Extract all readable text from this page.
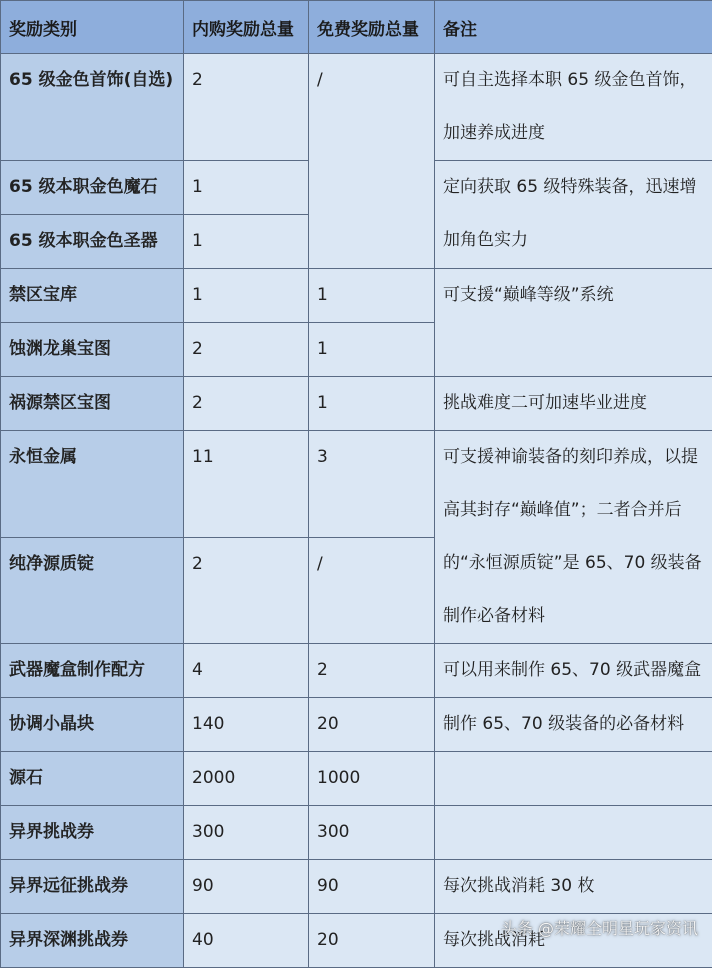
奖励类别	内购奖励总量	免费奖励总量	备注
65 级金色首饰(自选)	2	/	可自主选择本职 65 级金色首饰，加速养成进度
65 级本职金色魔石	1		定向获取 65 级特殊装备，迅速增加角色实力
65 级本职金色圣器	1		
禁区宝库	1	1	可支援“巅峰等级”系统
蚀渊龙巢宝图	2	1	
祸源禁区宝图	2	1	挑战难度二可加速毕业进度
永恒金属	11	3	可支援神谕装备的刻印养成，以提高其封存“巅峰值”；二者合并后的“永恒源质锭”是 65、70 级装备制作必备材料
纯净源质锭	2	/	
武器魔盒制作配方	4	2	可以用来制作 65、70 级武器魔盒
协调小晶块	140	20	制作 65、70 级装备的必备材料
源石	2000	1000	
异界挑战券	300	300	
异界远征挑战券	90	90	每次挑战消耗 30 枚
异界深渊挑战券	40	20	每次挑战消耗
头条 @荣耀全明星玩家资讯
